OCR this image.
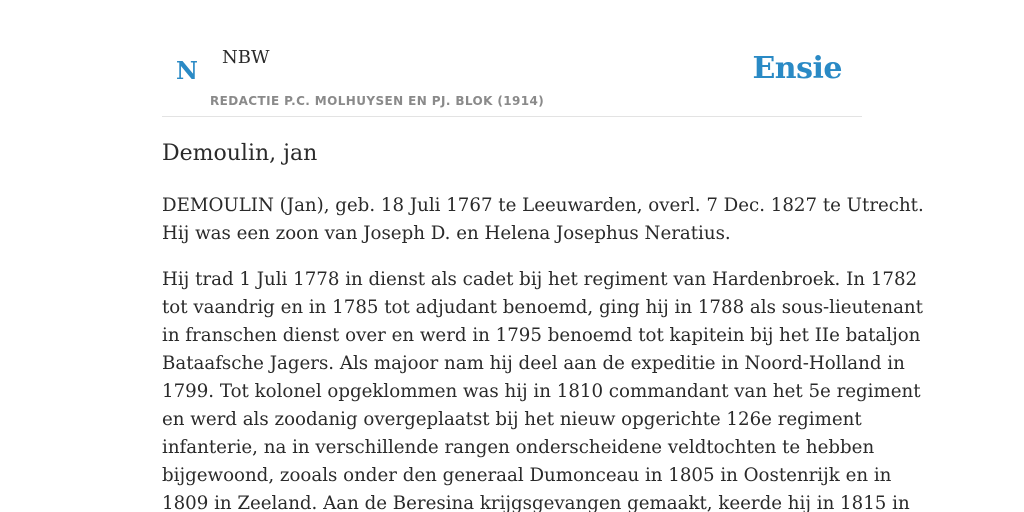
N NBW
REDACTIE P.C. MOLHUYSEN EN PJ. BLOK (1914)
Ensie
Demoulin, jan

DEMOULIN (Jan), geb. 18 Juli 1767 te Leeuwarden, overl. 7 Dec. 1827 te Utrecht.
Hij was een zoon van Joseph D. en Helena Josephus Neratius.

Hij trad 1 Juli 1778 in dienst als cadet bij het regiment van Hardenbroek. In 1782
tot vaandrig en in 1785 tot adjudant benoemd, ging hij in 1788 als sous-lieutenant
in franschen dienst over en werd in 1795 benoemd tot kapitein bij het IIe bataljon
Bataafsche Jagers. Als majoor nam hij deel aan de expeditie in Noord-Holland in
1799. Tot kolonel opgeklommen was hij in 1810 commandant van het 5e regiment
en werd als zoodanig overgeplaatst bij het nieuw opgerichte 126e regiment
infanterie, na in verschillende rangen onderscheidene veldtochten te hebben
bijgewoond, zooals onder den generaal Dumonceau in 1805 in Oostenrijk en in
1809 in Zeeland. Aan de Beresina krijgsgevangen gemaakt, keerde hij in 1815 in
